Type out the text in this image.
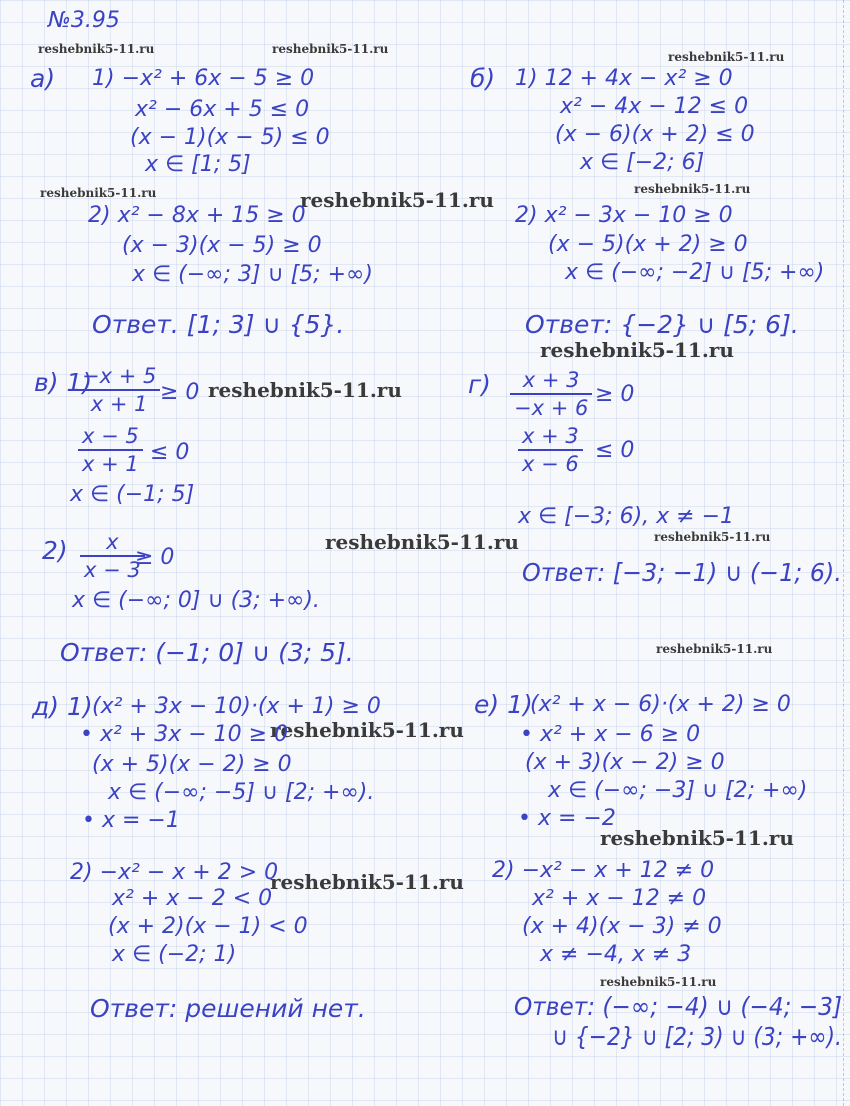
№3.95
reshebnik5-11.ru	reshebnik5-11.ru
reshebnik5-11.ru
reshebnik5-11.ru	reshebnik5-11.ru	reshebnik5-11.ru
reshebnik5-11.ru
reshebnik5-11.ru
reshebnik5-11.ru	reshebnik5-11.ru
reshebnik5-11.ru
reshebnik5-11.ru
reshebnik5-11.ru
reshebnik5-11.ru
reshebnik5-11.ru
а) 1) −x² + 6x − 5 ≥ 0
x² − 6x + 5 ≤ 0
(x − 1)(x − 5) ≤ 0
x ∈ [1; 5]
2) x² − 8x + 15 ≥ 0
(x − 3)(x − 5) ≥ 0
x ∈ (−∞; 3] ∪ [5; +∞)
Ответ. [1; 3] ∪ {5}.
б) 1) 12 + 4x − x² ≥ 0
x² − 4x − 12 ≤ 0
(x − 6)(x + 2) ≤ 0
x ∈ [−2; 6]
2) x² − 3x − 10 ≥ 0
(x − 5)(x + 2) ≥ 0
x ∈ (−∞; −2] ∪ [5; +∞)
Ответ: {−2} ∪ [5; 6].
в) 1)
−x + 5
x + 1 ≥ 0
x − 5
x + 1 ≤ 0
x ∈ (−1; 5]
2) x
x − 3
≥ 0
x ∈ (−∞; 0] ∪ (3; +∞).
Ответ: (−1; 0] ∪ (3; 5].
г) x + 3
−x + 6
≥ 0
x + 3
x − 6
≤ 0
x ∈ [−3; 6), x ≠ −1
Ответ: [−3; −1) ∪ (−1; 6).
д) 1) (x² + 3x − 10)·(x + 1) ≥ 0
• x² + 3x − 10 ≥ 0
(x + 5)(x − 2) ≥ 0
x ∈ (−∞; −5] ∪ [2; +∞).
• x = −1
2) −x² − x + 2 > 0
x² + x − 2 < 0
(x + 2)(x − 1) < 0
x ∈ (−2; 1)
Ответ: решений нет.
е) 1)
(x² + x − 6)·(x + 2) ≥ 0
• x² + x − 6 ≥ 0
(x + 3)(x − 2) ≥ 0
x ∈ (−∞; −3] ∪ [2; +∞)
• x = −2
2) −x² − x + 12 ≠ 0
x² + x − 12 ≠ 0
(x + 4)(x − 3) ≠ 0
x ≠ −4, x ≠ 3
Ответ: (−∞; −4) ∪ (−4; −3]
∪ {−2} ∪ [2; 3) ∪ (3; +∞).
